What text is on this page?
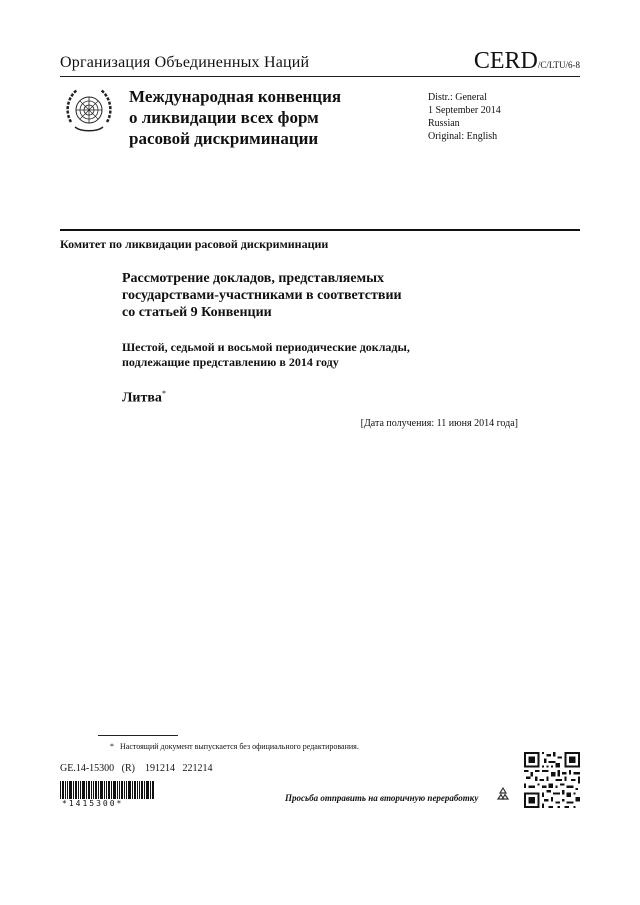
Организация Объединенных Наций	CERD/C/LTU/6-8
Международная конвенция
о ликвидации всех форм
расовой дискриминации
Distr.: General
1 September 2014
Russian
Original: English
Комитет по ликвидации расовой дискриминации
Рассмотрение докладов, представляемых
государствами-участниками в соответствии
со статьей 9 Конвенции
Шестой, седьмой и восьмой периодические доклады,
подлежащие представлению в 2014 году
Литва*
[Дата получения: 11 июня 2014 года]
* Настоящий документ выпускается без официального редактирования.
GE.14-15300   (R)    191214   221214
*1415300*
Просьба отправить на вторичную переработку
